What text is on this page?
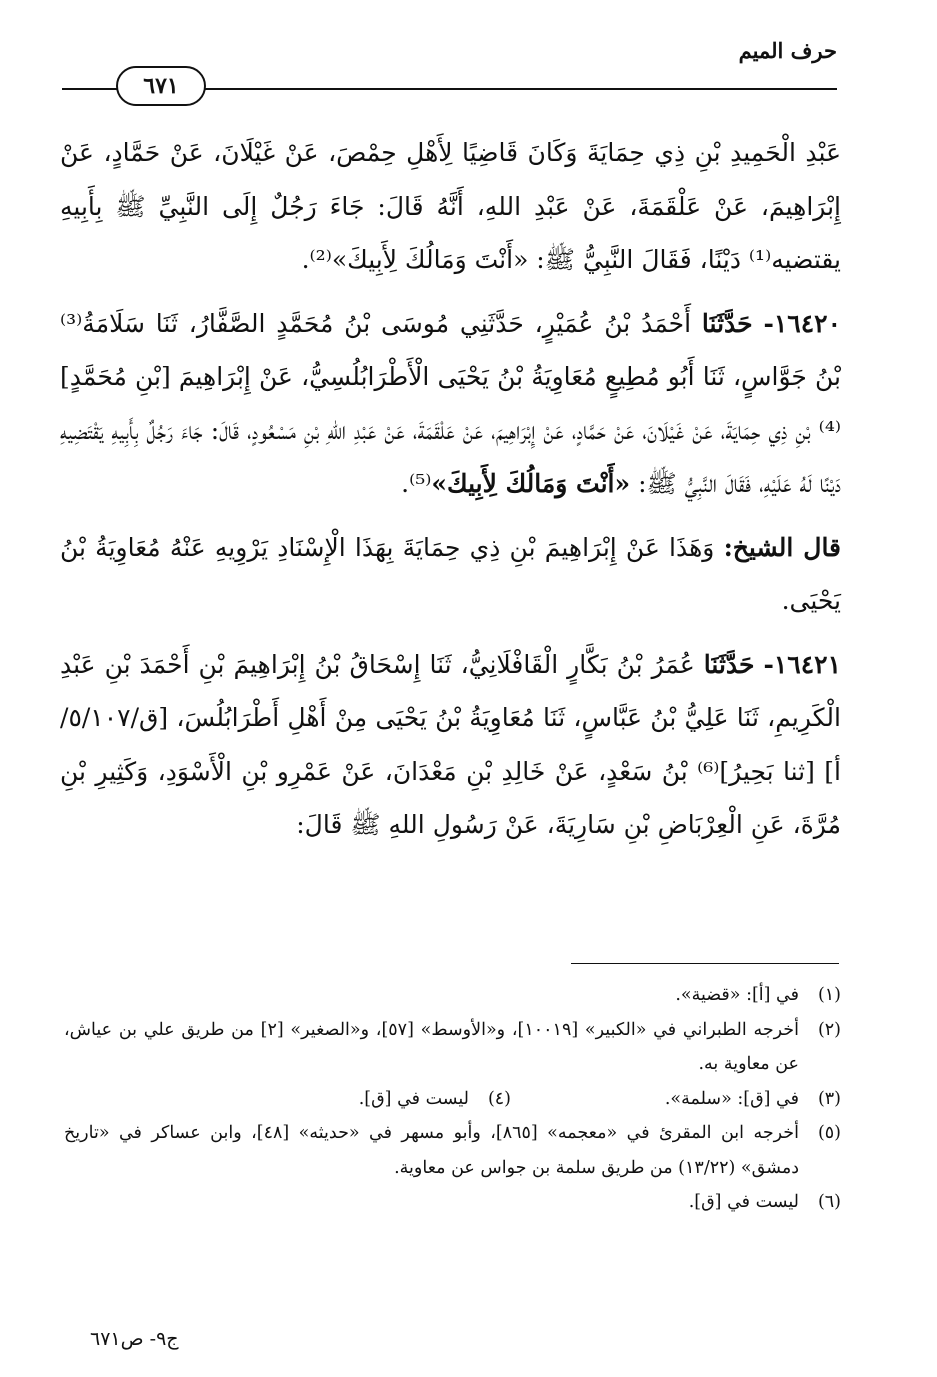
حرف الميم
٦٧١

عَبْدِ الْحَمِيدِ بْنِ ذِي حِمَايَةَ وَكَانَ قَاضِيًا لِأَهْلِ حِمْصَ، عَنْ غَيْلَانَ، عَنْ حَمَّادٍ، عَنْ إِبْرَاهِيمَ، عَنْ عَلْقَمَةَ، عَنْ عَبْدِ اللهِ، أَنَّهُ قَالَ: جَاءَ رَجُلٌ إِلَى النَّبِيِّ ﷺ بِأَبِيهِ يقتضيه⁽¹⁾ دَيْنًا، فَقَالَ النَّبِيُّ ﷺ: «أَنْتَ وَمَالُكَ لِأَبِيكَ»⁽²⁾.

١٦٤٢٠- حَدَّثَنَا أَحْمَدُ بْنُ عُمَيْرٍ، حَدَّثَنِي مُوسَى بْنُ مُحَمَّدٍ الصَّفَّارُ، ثَنَا سَلَامَةُ⁽³⁾ بْنُ جَوَّاسٍ، ثَنَا أَبُو مُطِيعٍ مُعَاوِيَةُ بْنُ يَحْيَى الْأَطْرَابُلُسِيُّ، عَنْ إِبْرَاهِيمَ [بْنِ مُحَمَّدٍ]⁽⁴⁾ بْنِ ذِي حِمَايَةَ، عَنْ غَيْلَانَ، عَنْ حَمَّادٍ، عَنْ إِبْرَاهِيمَ، عَنْ عَلْقَمَةَ، عَنْ عَبْدِ اللهِ بْنِ مَسْعُودٍ، قَالَ: جَاءَ رَجُلٌ بِأَبِيهِ يَقْتَضِيهِ دَيْنًا لَهُ عَلَيْهِ، فَقَالَ النَّبِيُّ ﷺ: «أَنْتَ وَمَالُكَ لِأَبِيكَ»⁽⁵⁾.

قال الشيخ: وَهَذَا عَنْ إِبْرَاهِيمَ بْنِ ذِي حِمَايَةَ بِهَذَا الْإِسْنَادِ يَرْوِيهِ عَنْهُ مُعَاوِيَةُ بْنُ يَحْيَى.

١٦٤٢١- حَدَّثَنَا عُمَرُ بْنُ بَكَّارٍ الْقَافْلَانِيُّ، ثَنَا إِسْحَاقُ بْنُ إِبْرَاهِيمَ بْنِ أَحْمَدَ بْنِ عَبْدِ الْكَرِيمِ، ثَنَا عَلِيُّ بْنُ عَبَّاسٍ، ثَنَا مُعَاوِيَةُ بْنُ يَحْيَى مِنْ أَهْلِ أَطْرَابُلُسَ، [ق/٥/١٠٧/أ] [ثنا بَحِيرُ]⁽⁶⁾ بْنُ سَعْدٍ، عَنْ خَالِدِ بْنِ مَعْدَانَ، عَنْ عَمْرِو بْنِ الْأَسْوَدِ، وَكَثِيرِ بْنِ مُرَّةَ، عَنِ الْعِرْبَاضِ بْنِ سَارِيَةَ، عَنْ رَسُولِ اللهِ ﷺ قَالَ:

(١)
في [أ]: «قضية».
(٢)
أخرجه الطبراني في «الكبير» [١٠٠١٩]، و«الأوسط» [٥٧]، و«الصغير» [٢] من طريق علي بن عياش، عن معاوية به.
(٣)
في [ق]: «سلمة».
(٤)
ليست في [ق].
(٥)
أخرجه ابن المقرئ في «معجمه» [٨٦٥]، وأبو مسهر في «حديثه» [٤٨]، وابن عساكر في «تاريخ دمشق» (١٣/٢٢) من طريق سلمة بن جواس عن معاوية.
(٦)
ليست في [ق].
ج٩- ص٦٧١
